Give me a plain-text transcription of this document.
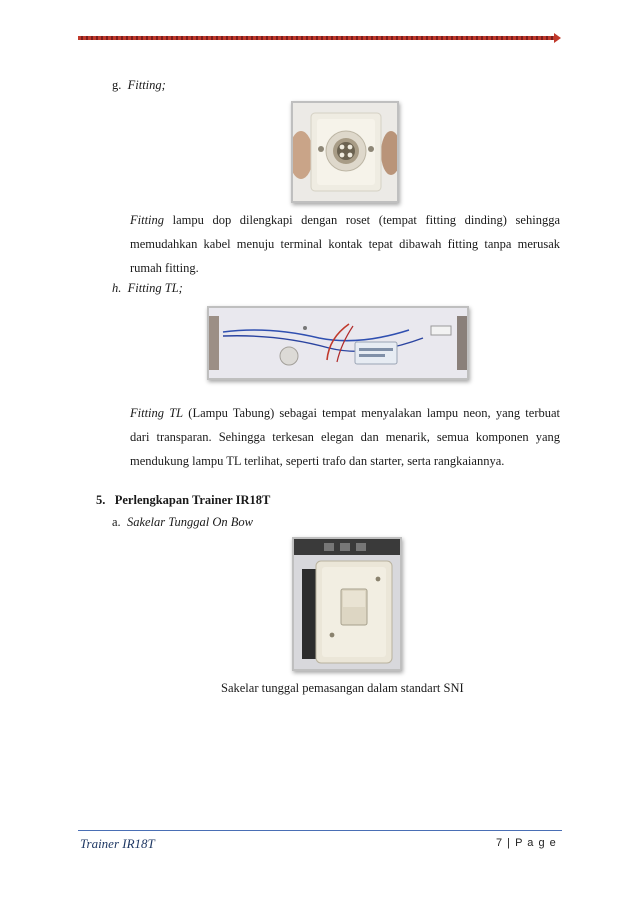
g. Fitting;
Fitting lampu dop dilengkapi dengan roset (tempat fitting dinding) sehingga memudahkan kabel menuju terminal kontak tepat dibawah fitting tanpa merusak rumah fitting.
h. Fitting TL;
Fitting TL (Lampu Tabung) sebagai tempat menyalakan lampu neon, yang terbuat dari transparan. Sehingga terkesan elegan dan menarik, semua komponen yang mendukung lampu TL terlihat, seperti trafo dan starter, serta rangkaiannya.
5. Perlengkapan Trainer IR18T
a. Sakelar Tunggal On Bow
Sakelar tunggal pemasangan dalam standart SNI
Trainer IR18T	7 | P a g e
